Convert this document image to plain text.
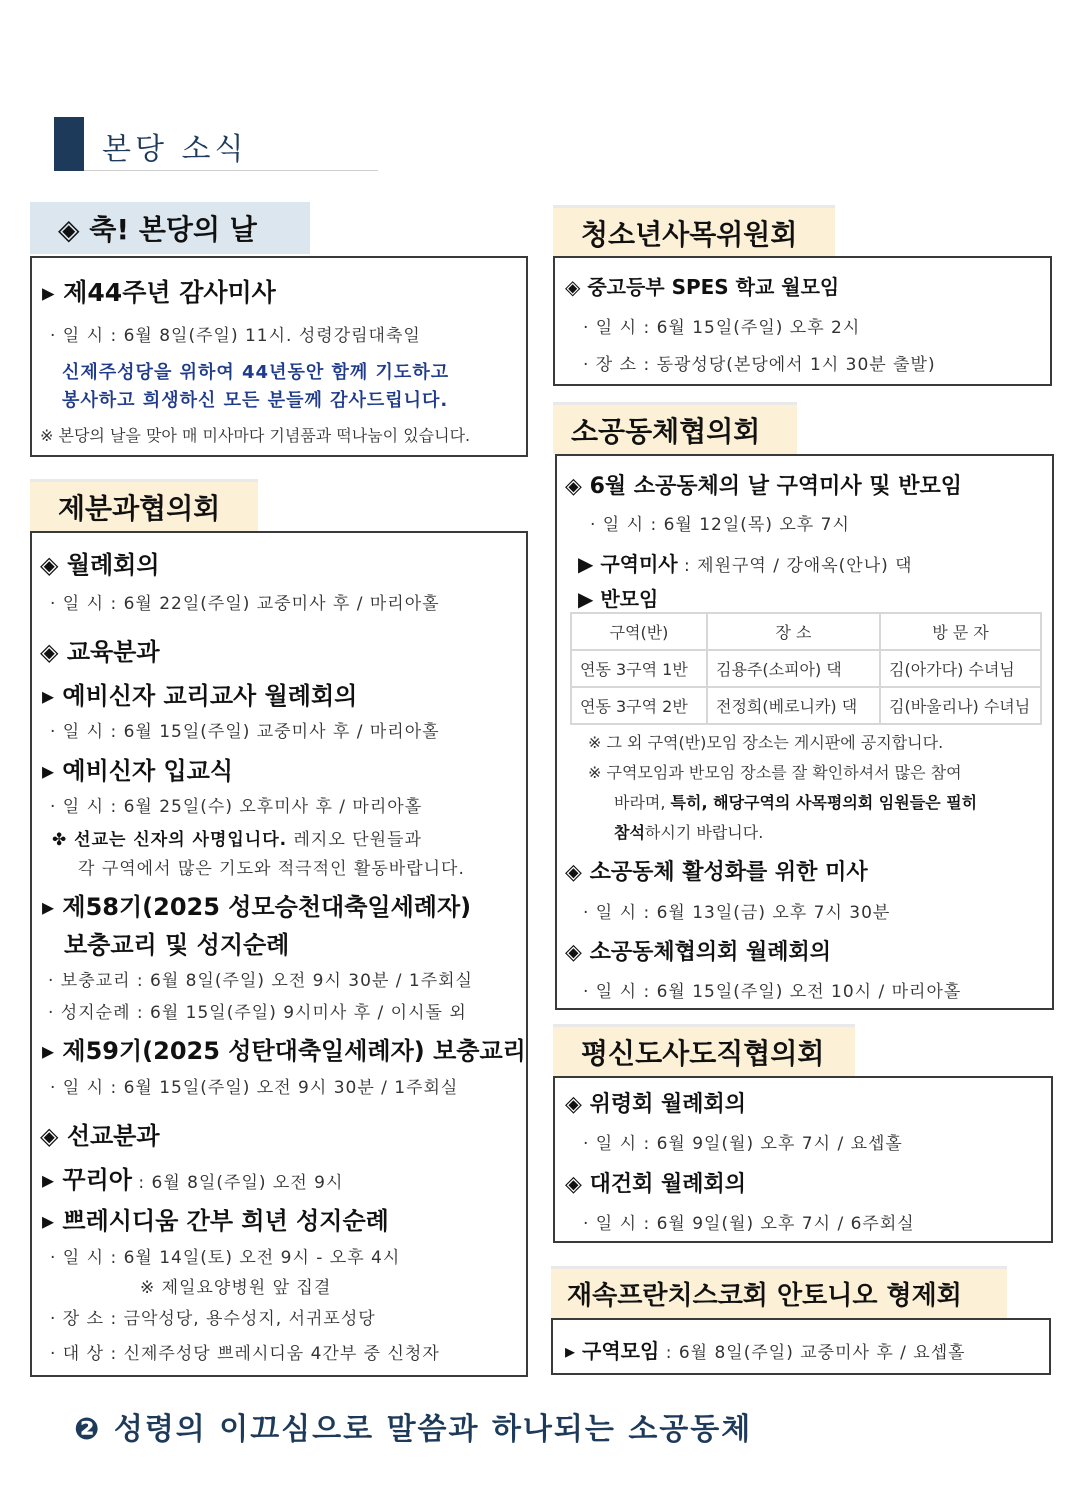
본당 소식
◈ 축! 본당의 날
▸ 제44주년 감사미사
· 일 시 : 6월 8일(주일) 11시. 성령강림대축일
신제주성당을 위하여 44년동안 함께 기도하고
봉사하고 희생하신 모든 분들께 감사드립니다.
※ 본당의 날을 맞아 매 미사마다 기념품과 떡나눔이 있습니다.
제분과협의회
◈ 월례회의
· 일 시 : 6월 22일(주일) 교중미사 후 / 마리아홀
◈ 교육분과
▸ 예비신자 교리교사 월례회의
· 일 시 : 6월 15일(주일) 교중미사 후 / 마리아홀
▸ 예비신자 입교식
· 일 시 : 6월 25일(수) 오후미사 후 / 마리아홀
✤ 선교는 신자의 사명입니다. 레지오 단원들과
각 구역에서 많은 기도와 적극적인 활동바랍니다.
▸ 제58기(2025 성모승천대축일세례자)
보충교리 및 성지순례
· 보충교리 : 6월 8일(주일) 오전 9시 30분 / 1주회실
· 성지순례 : 6월 15일(주일) 9시미사 후 / 이시돌 외
▸ 제59기(2025 성탄대축일세례자) 보충교리
· 일 시 : 6월 15일(주일) 오전 9시 30분 / 1주회실
◈ 선교분과
▸ 꾸리아 : 6월 8일(주일) 오전 9시
▸ 쁘레시디움 간부 희년 성지순례
· 일 시 : 6월 14일(토) 오전 9시 - 오후 4시
※ 제일요양병원 앞 집결
· 장 소 : 금악성당, 용수성지, 서귀포성당
· 대 상 : 신제주성당 쁘레시디움 4간부 중 신청자
청소년사목위원회
◈ 중고등부 SPES 학교 월모임
· 일 시 : 6월 15일(주일) 오후 2시
· 장 소 : 동광성당(본당에서 1시 30분 출발)
소공동체협의회
◈ 6월 소공동체의 날 구역미사 및 반모임
· 일 시 : 6월 12일(목) 오후 7시
▶ 구역미사 : 제원구역 / 강애옥(안나) 댁
▶ 반모임
구역(반)	장 소	방 문 자
연동 3구역 1반	김용주(소피아) 댁	김(아가다) 수녀님
연동 3구역 2반	전정희(베로니카) 댁	김(바울리나) 수녀님
※ 그 외 구역(반)모임 장소는 게시판에 공지합니다.
※ 구역모임과 반모임 장소를 잘 확인하셔서 많은 참여
바라며, 특히, 해당구역의 사목평의회 임원들은 필히
참석하시기 바랍니다.
◈ 소공동체 활성화를 위한 미사
· 일 시 : 6월 13일(금) 오후 7시 30분
◈ 소공동체협의회 월례회의
· 일 시 : 6월 15일(주일) 오전 10시 / 마리아홀
평신도사도직협의회
◈ 위령회 월례회의
· 일 시 : 6월 9일(월) 오후 7시 / 요셉홀
◈ 대건회 월례회의
· 일 시 : 6월 9일(월) 오후 7시 / 6주회실
재속프란치스코회 안토니오 형제회
▸ 구역모임 : 6월 8일(주일) 교중미사 후 / 요셉홀
❷ 성령의 이끄심으로 말씀과 하나되는 소공동체
